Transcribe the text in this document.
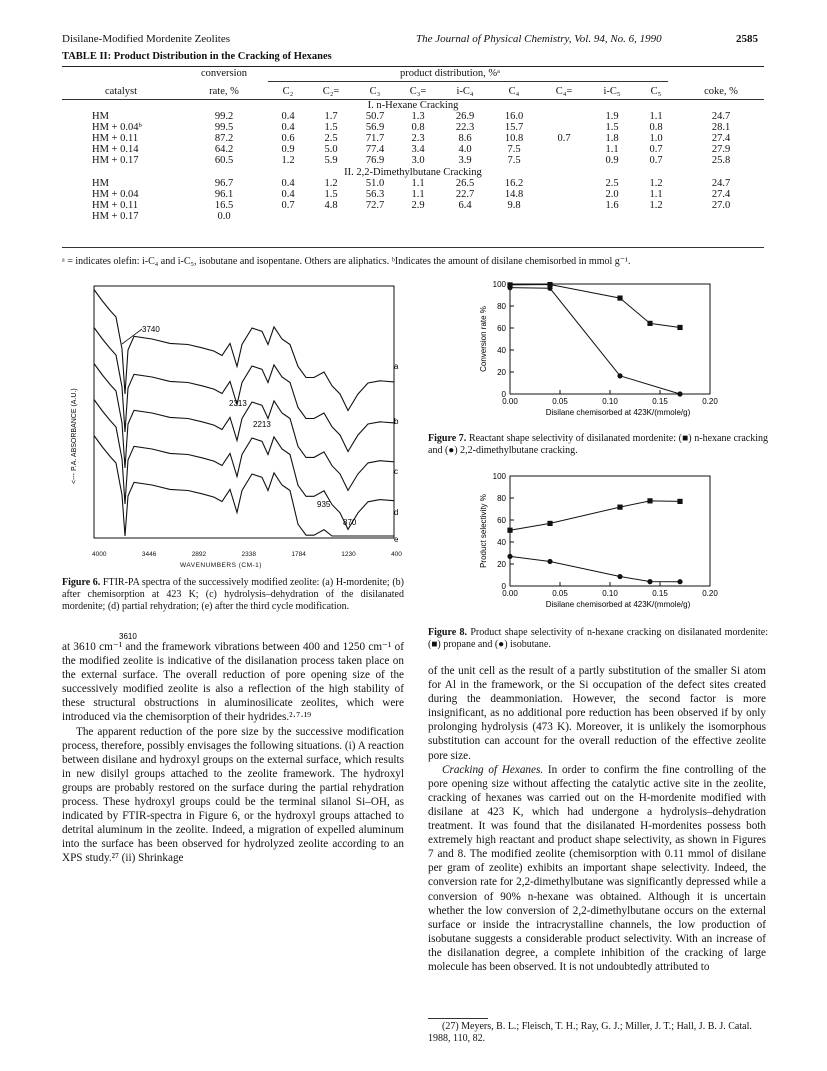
Disilane-Modified Mordenite Zeolites	The Journal of Physical Chemistry, Vol. 94, No. 6, 1990	2585
TABLE II: Product Distribution in the Cracking of Hexanes
conversion	product distribution, %ᵃ
catalyst	rate, %	C₂	C₂=	C₃	C₃=	i-C₄	C₄	C₄=	i-C₅	C₅	coke, %
I. n-Hexane Cracking											
HM	99.2	0.4	1.7	50.7	1.3	26.9	16.0		1.9	1.1	24.7
HM + 0.04ᵇ	99.5	0.4	1.5	56.9	0.8	22.3	15.7		1.5	0.8	28.1
HM + 0.11	87.2	0.6	2.5	71.7	2.3	8.6	10.8	0.7	1.8	1.0	27.4
HM + 0.14	64.2	0.9	5.0	77.4	3.4	4.0	7.5		1.1	0.7	27.9
HM + 0.17	60.5	1.2	5.9	76.9	3.0	3.9	7.5		0.9	0.7	25.8
II. 2,2-Dimethylbutane Cracking											
HM	96.7	0.4	1.2	51.0	1.1	26.5	16.2		2.5	1.2	24.7
HM + 0.04	96.1	0.4	1.5	56.3	1.1	22.7	14.8		2.0	1.1	27.4
HM + 0.11	16.5	0.7	4.8	72.7	2.9	6.4	9.8		1.6	1.2	27.0
HM + 0.17	0.0										
ᵃ = indicates olefin: i-C₄ and i-C₅, isobutane and isopentane. Others are aliphatics. ᵇIndicates the amount of disilane chemisorbed in mmol g⁻¹.
3740
2313
2213
935
870
3610
a
b
c
d
e
<--- P.A. ABSORBANCE (A.U.)
4000	3446	2892	2338	1784	1230	400
WAVENUMBERS (CM-1)
Figure 6. FTIR-PA spectra of the successively modified zeolite: (a) H-mordenite; (b) after chemisorption at 423 K; (c) hydrolysis–dehydration of the disilanated mordenite; (d) partial rehydration; (e) after the third cycle modification.

at 3610 cm⁻¹ and the framework vibrations between 400 and 1250 cm⁻¹ of the modified zeolite is indicative of the disilanation process taken place on the external surface. The overall reduction of pore opening size of the successively modified zeolite is also a reflection of the high stability of these structural obstructions in aluminosilicate zeolites, which were introduced via the chemisorption of their hydrides.²·⁷·¹⁹

The apparent reduction of the pore size by the successive modification process, therefore, possibly envisages the following situations. (i) A reaction between disilane and hydroxyl groups on the external surface, which results in new disilyl groups attached to the zeolite framework. The hydroxyl groups are probably restored on the surface during the partial rehydration process. These hydroxyl groups could be the terminal silanol Si–OH, as indicated by FTIR-spectra in Figure 6, or the hydroxyl groups attached to detrital aluminum in the zeolite. Indeed, a migration of expelled aluminum into the surface has been observed for hydrolyzed zeolite according to an XPS study.²⁷ (ii) Shrinkage

0
20
40
60
80
100
0.00	0.05	0.10	0.15	0.20
Disilane chemisorbed at 423K/(mmole/g)
Conversion rate %
Figure 7. Reactant shape selectivity of disilanated mordenite: (■) n-hexane cracking and (●) 2,2-dimethylbutane cracking.
0
20
40
60
80
100
0.00	0.05	0.10	0.15	0.20
Disilane chemisorbed at 423K/(mmole/g)
Product selectivity %
Figure 8. Product shape selectivity of n-hexane cracking on disilanated mordenite: (■) propane and (●) isobutane.

of the unit cell as the result of a partly substitution of the smaller Si atom for Al in the framework, or the Si occupation of the defect sites created during the deammoniation. However, the second factor is more insignificant, as no additional pore reduction has been observed if by only prolonging hydrolysis (473 K). Moreover, it is unlikely the isomorphous substitution can account for the overall reduction of the effective zeolite pore size.

Cracking of Hexanes. In order to confirm the fine controlling of the pore opening size without affecting the catalytic active site in the zeolite, cracking of hexanes was carried out on the H-mordenite modified with disilane at 423 K, which had undergone a hydrolysis–dehydration treatment. It was found that the disilanated H-mordenites possess both extremely high reactant and product shape selectivity, as shown in Figures 7 and 8. The modified zeolite (chemisorption with 0.11 mmol of disilane per gram of zeolite) exhibits an important shape selectivity. Indeed, the conversion rate for 2,2-dimethylbutane was significantly depressed while a conversion of 90% n-hexane was obtained. Although it is uncertain whether the low conversion of 2,2-dimethylbutane occurs on the external surface or inside the intracrystalline channels, the low production of isobutane suggests a considerable product selectivity. With an increase of the disilanation degree, a complete inhibition of the cracking of large molecule has been observed. It is not undoubtedly attributed to

(27) Meyers, B. L.; Fleisch, T. H.; Ray, G. J.; Miller, J. T.; Hall, J. B. J. Catal. 1988, 110, 82.
